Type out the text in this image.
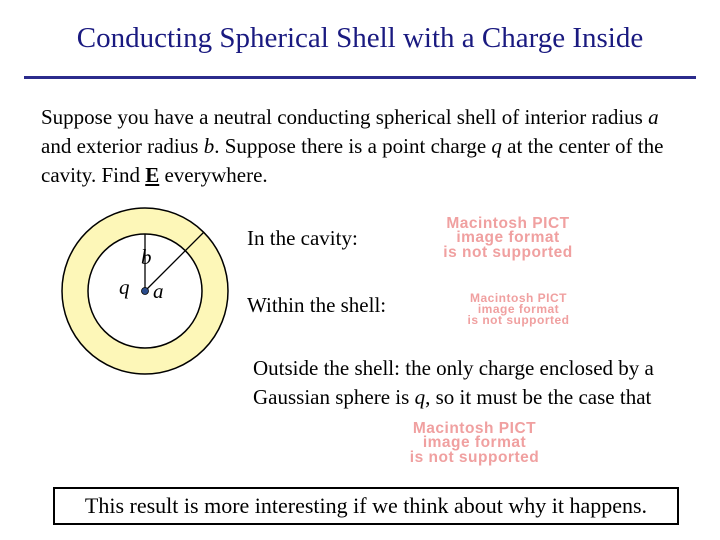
Conducting Spherical Shell with a Charge Inside
Suppose you have a neutral conducting spherical shell of interior radius a and exterior radius b. Suppose there is a point charge q at the center of the cavity. Find E everywhere.
b
q a
In the cavity:
Macintosh PICT
image format
is not supported
Within the shell:	Macintosh PICT
image format
is not supported
Outside the shell: the only charge enclosed by a Gaussian sphere is q, so it must be the case that
Macintosh PICT
image format
is not supported
This result is more interesting if we think about why it happens.
